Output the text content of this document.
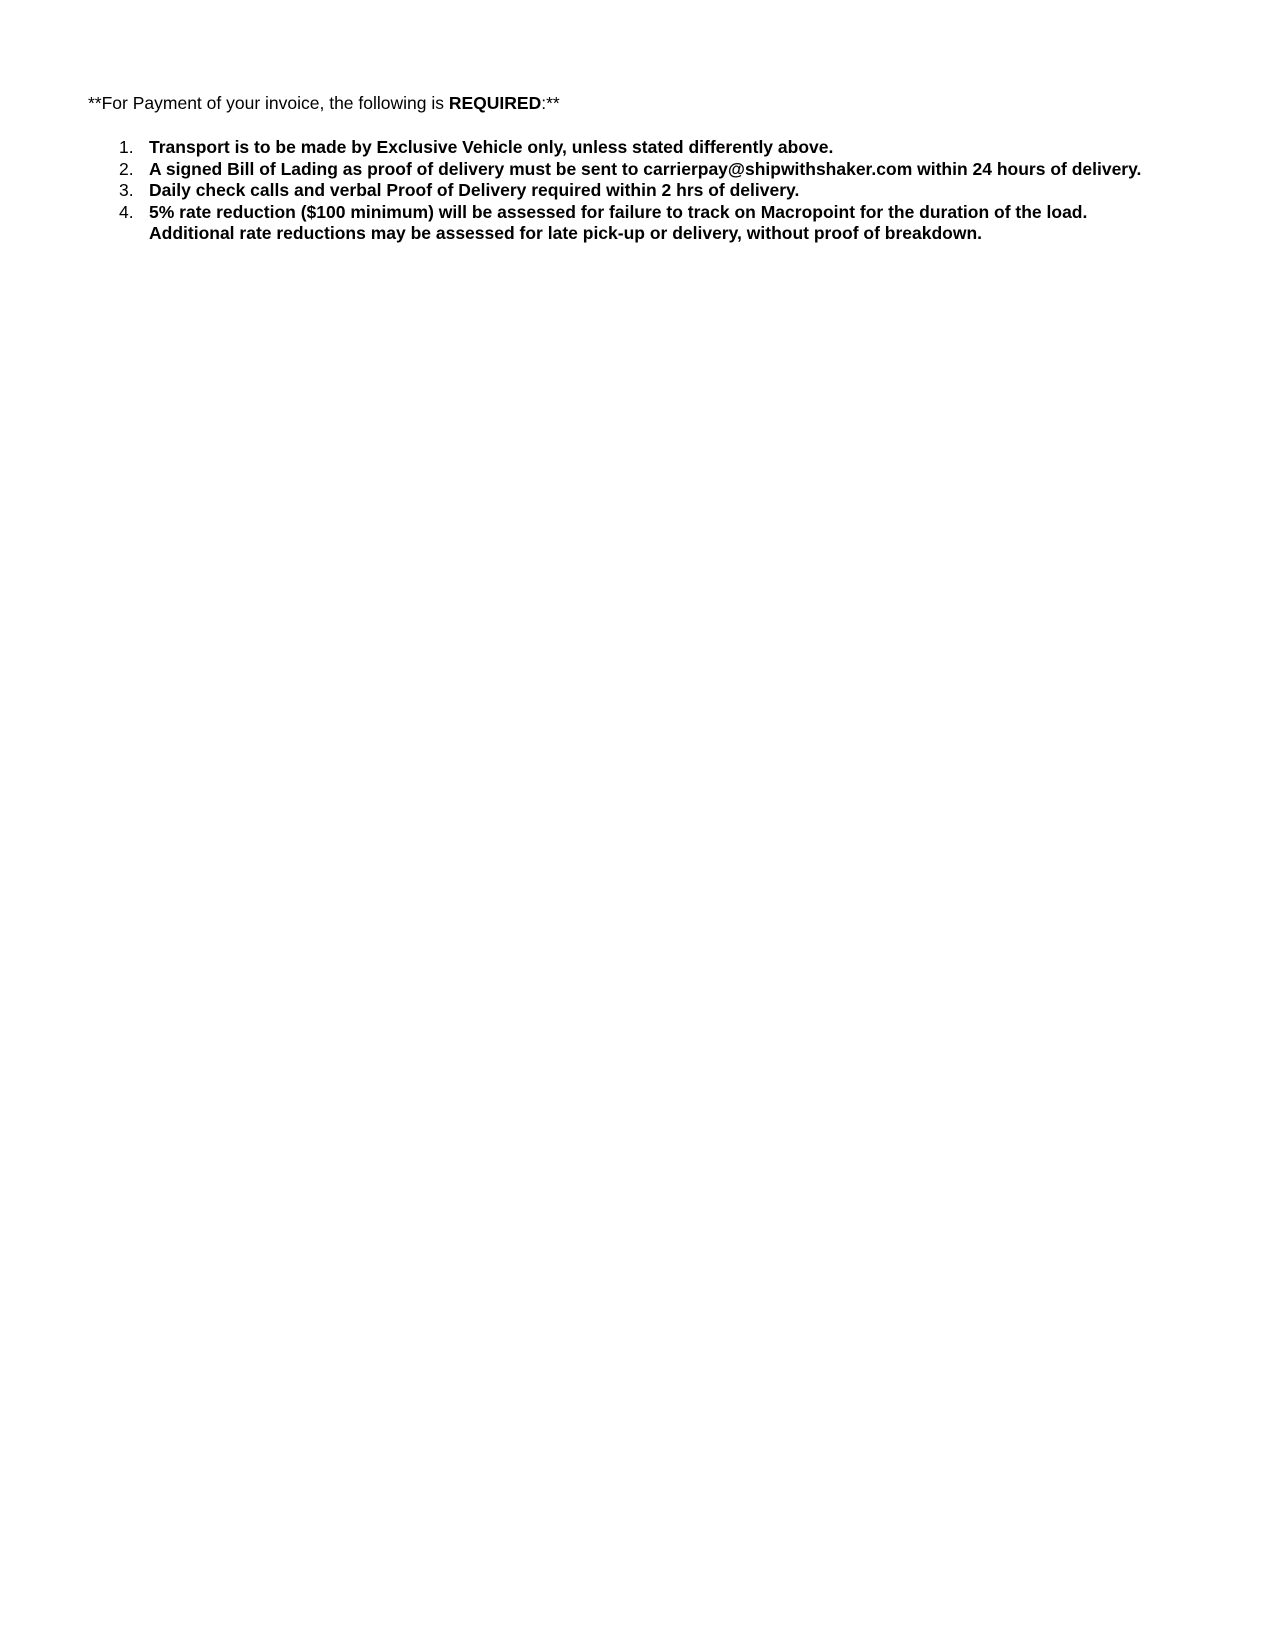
**For Payment of your invoice, the following is REQUIRED:**
1. Transport is to be made by Exclusive Vehicle only, unless stated differently above.
2. A signed Bill of Lading as proof of delivery must be sent to carrierpay@shipwithshaker.com within 24 hours of delivery.
3. Daily check calls and verbal Proof of Delivery required within 2 hrs of delivery.
4. 5% rate reduction ($100 minimum) will be assessed for failure to track on Macropoint for the duration of the load. Additional rate reductions may be assessed for late pick-up or delivery, without proof of breakdown.
